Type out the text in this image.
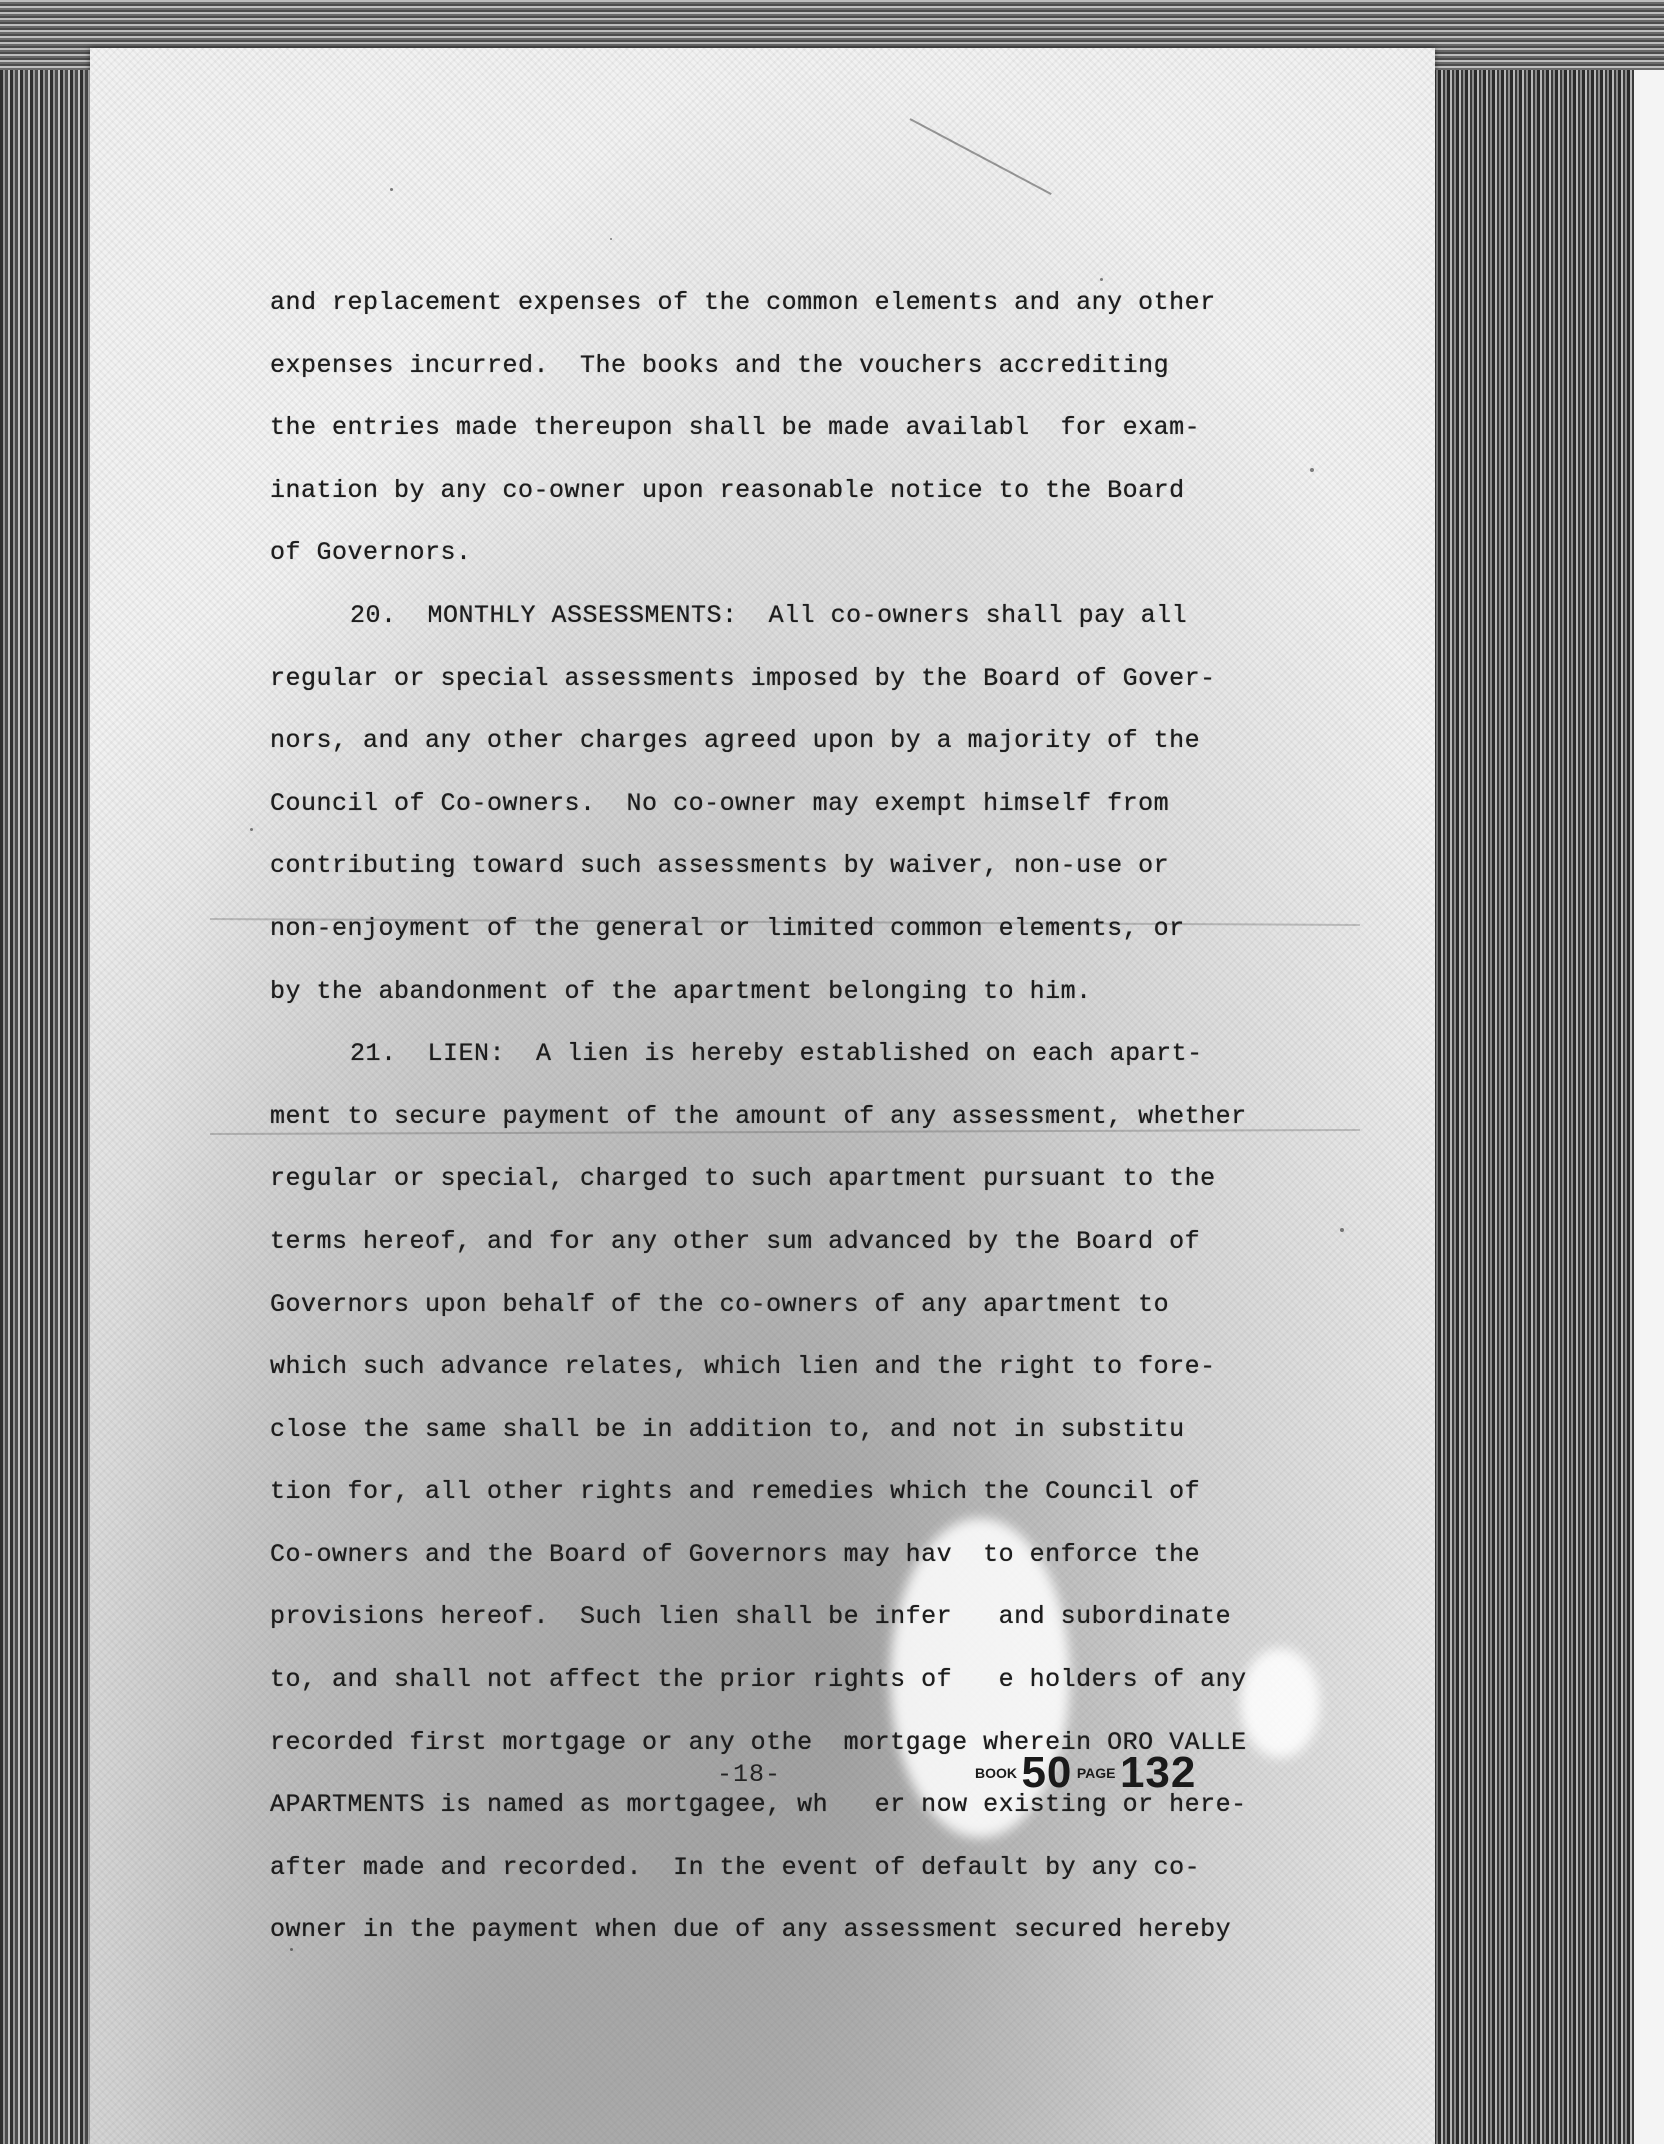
and replacement expenses of the common elements and any other
expenses incurred.  The books and the vouchers accrediting
the entries made thereupon shall be made availabl  for exam-
ination by any co-owner upon reasonable notice to the Board
of Governors.
20.  MONTHLY ASSESSMENTS:  All co-owners shall pay all
regular or special assessments imposed by the Board of Gover-
nors, and any other charges agreed upon by a majority of the
Council of Co-owners.  No co-owner may exempt himself from
contributing toward such assessments by waiver, non-use or
non-enjoyment of the general or limited common elements, or
by the abandonment of the apartment belonging to him.
21.  LIEN:  A lien is hereby established on each apart-
ment to secure payment of the amount of any assessment, whether
regular or special, charged to such apartment pursuant to the
terms hereof, and for any other sum advanced by the Board of
Governors upon behalf of the co-owners of any apartment to
which such advance relates, which lien and the right to fore-
close the same shall be in addition to, and not in substitu
tion for, all other rights and remedies which the Council of
Co-owners and the Board of Governors may hav  to enforce the
provisions hereof.  Such lien shall be infer   and subordinate
to, and shall not affect the prior rights of   e holders of any
recorded first mortgage or any othe  mortgage wherein ORO VALLE
APARTMENTS is named as mortgagee, wh   er now existing or here-
after made and recorded.  In the event of default by any co-
owner in the payment when due of any assessment secured hereby
-18-	BOOK 50 PAGE 132
